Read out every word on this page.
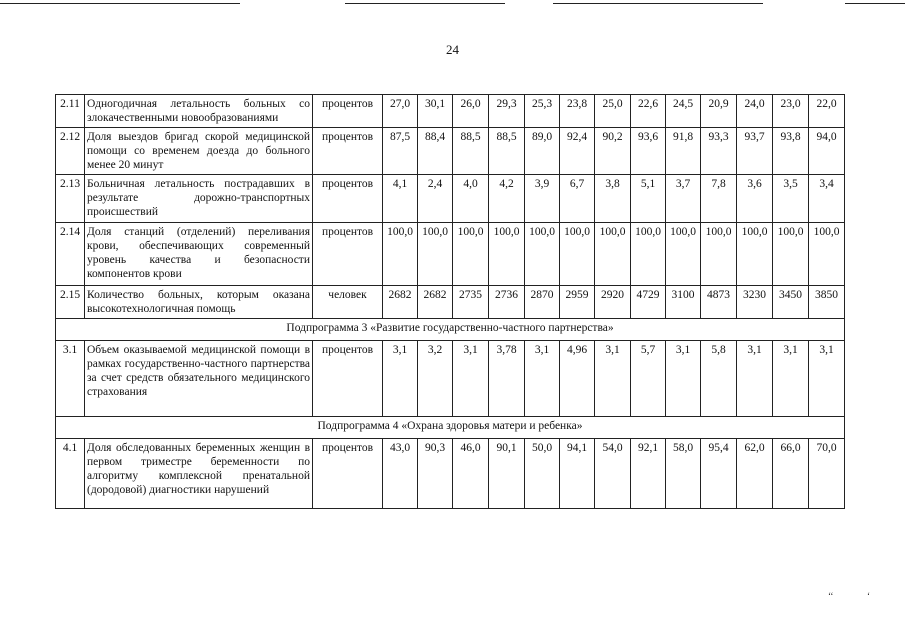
24
2.11	Одногодичная летальность больных со злокачественными новообразованиями	процентов	27,0	30,1	26,0	29,3	25,3	23,8	25,0	22,6	24,5	20,9	24,0	23,0	22,0
2.12	Доля выездов бригад скорой медицинской помощи со временем доезда до больного менее 20 минут	процентов	87,5	88,4	88,5	88,5	89,0	92,4	90,2	93,6	91,8	93,3	93,7	93,8	94,0
2.13	Больничная летальность пострадавших в результате дорожно-транспортных происшествий	процентов	4,1	2,4	4,0	4,2	3,9	6,7	3,8	5,1	3,7	7,8	3,6	3,5	3,4
2.14	Доля станций (отделений) переливания крови, обеспечивающих современный уровень качества и безопасности компонентов крови	процентов	100,0	100,0	100,0	100,0	100,0	100,0	100,0	100,0	100,0	100,0	100,0	100,0	100,0
2.15	Количество больных, которым оказана высокотехнологичная помощь	человек	2682	2682	2735	2736	2870	2959	2920	4729	3100	4873	3230	3450	3850
Подпрограмма 3 «Развитие государственно-частного партнерства»															
3.1	Объем оказываемой медицинской помощи в рамках государственно-частного партнерства за счет средств обязательного медицинского страхования	процентов	3,1	3,2	3,1	3,78	3,1	4,96	3,1	5,7	3,1	5,8	3,1	3,1	3,1
Подпрограмма 4 «Охрана здоровья матери и ребенка»															
4.1	Доля обследованных беременных женщин в первом триместре беременности по алгоритму комплексной пренатальной (дородовой) диагностики нарушений	процентов	43,0	90,3	46,0	90,1	50,0	94,1	54,0	92,1	58,0	95,4	62,0	66,0	70,0
‘‘	‘
